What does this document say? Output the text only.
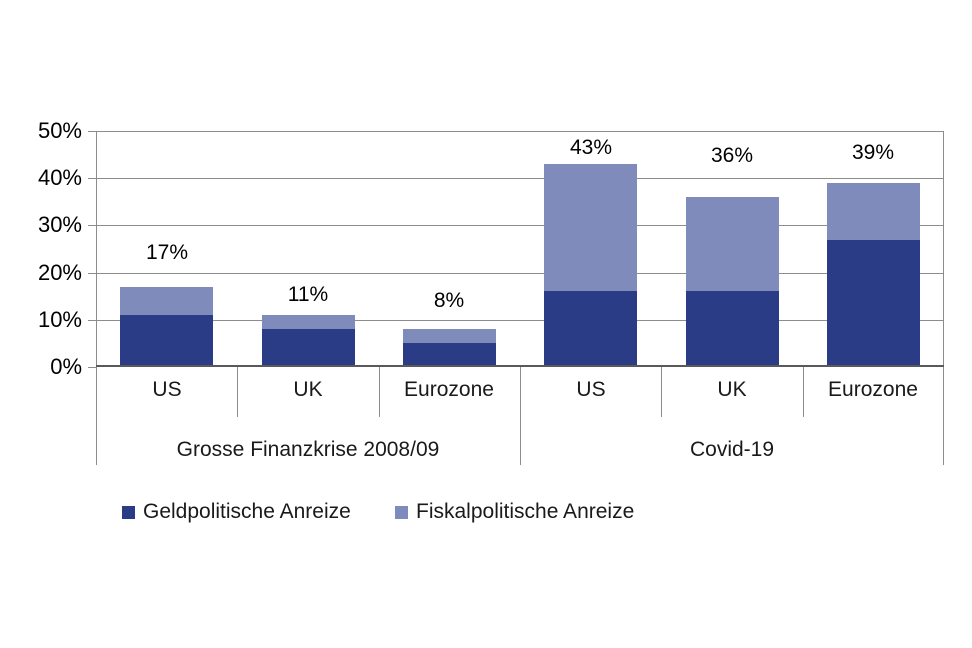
0%
10%
20%
30%
40%
50%
17%
11%	8%
43%	36%	39%
US	UK	Eurozone	US	UK	Eurozone
Grosse Finanzkrise 2008/09	Covid-19
Geldpolitische Anreize	Fiskalpolitische Anreize
